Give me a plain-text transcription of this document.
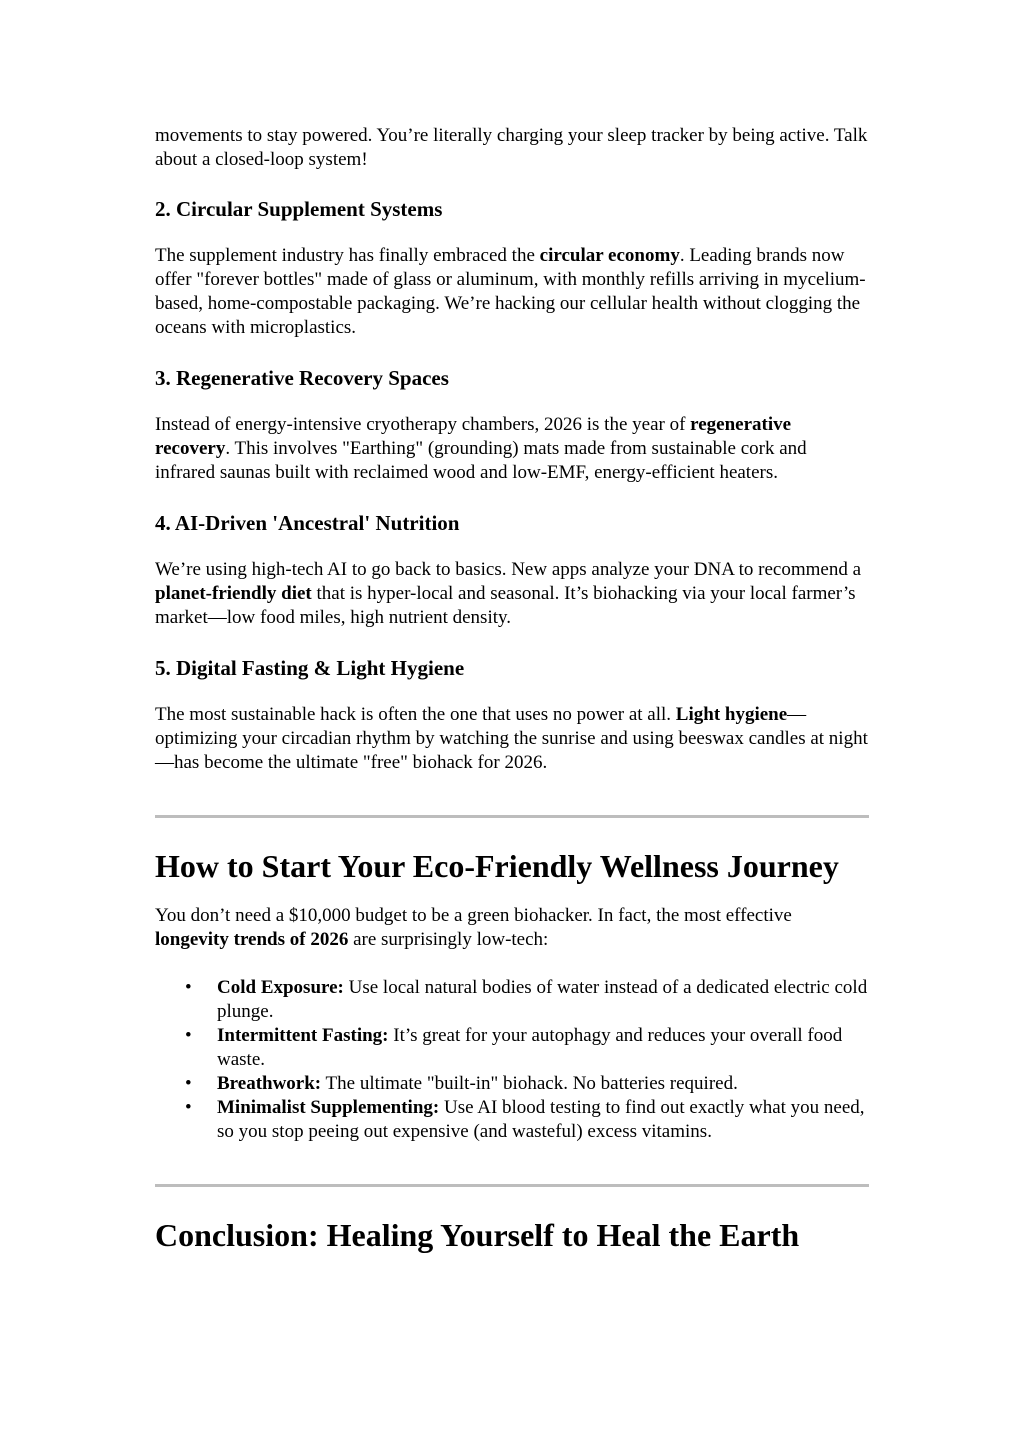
movements to stay powered. You’re literally charging your sleep tracker by being active. Talk about a closed-loop system!

2. Circular Supplement Systems

The supplement industry has finally embraced the circular economy. Leading brands now offer "forever bottles" made of glass or aluminum, with monthly refills arriving in mycelium-based, home-compostable packaging. We’re hacking our cellular health without clogging the oceans with microplastics.

3. Regenerative Recovery Spaces

Instead of energy-intensive cryotherapy chambers, 2026 is the year of regenerative recovery. This involves "Earthing" (grounding) mats made from sustainable cork and infrared saunas built with reclaimed wood and low-EMF, energy-efficient heaters.

4. AI-Driven 'Ancestral' Nutrition

We’re using high-tech AI to go back to basics. New apps analyze your DNA to recommend a planet-friendly diet that is hyper-local and seasonal. It’s biohacking via your local farmer’s market—low food miles, high nutrient density.

5. Digital Fasting & Light Hygiene

The most sustainable hack is often the one that uses no power at all. Light hygiene—optimizing your circadian rhythm by watching the sunrise and using beeswax candles at night—has become the ultimate "free" biohack for 2026.

How to Start Your Eco-Friendly Wellness Journey

You don’t need a $10,000 budget to be a green biohacker. In fact, the most effective longevity trends of 2026 are surprisingly low-tech:

• Cold Exposure: Use local natural bodies of water instead of a dedicated electric cold plunge.
• Intermittent Fasting: It’s great for your autophagy and reduces your overall food waste.
• Breathwork: The ultimate "built-in" biohack. No batteries required.
• Minimalist Supplementing: Use AI blood testing to find out exactly what you need, so you stop peeing out expensive (and wasteful) excess vitamins.
Conclusion: Healing Yourself to Heal the Earth
